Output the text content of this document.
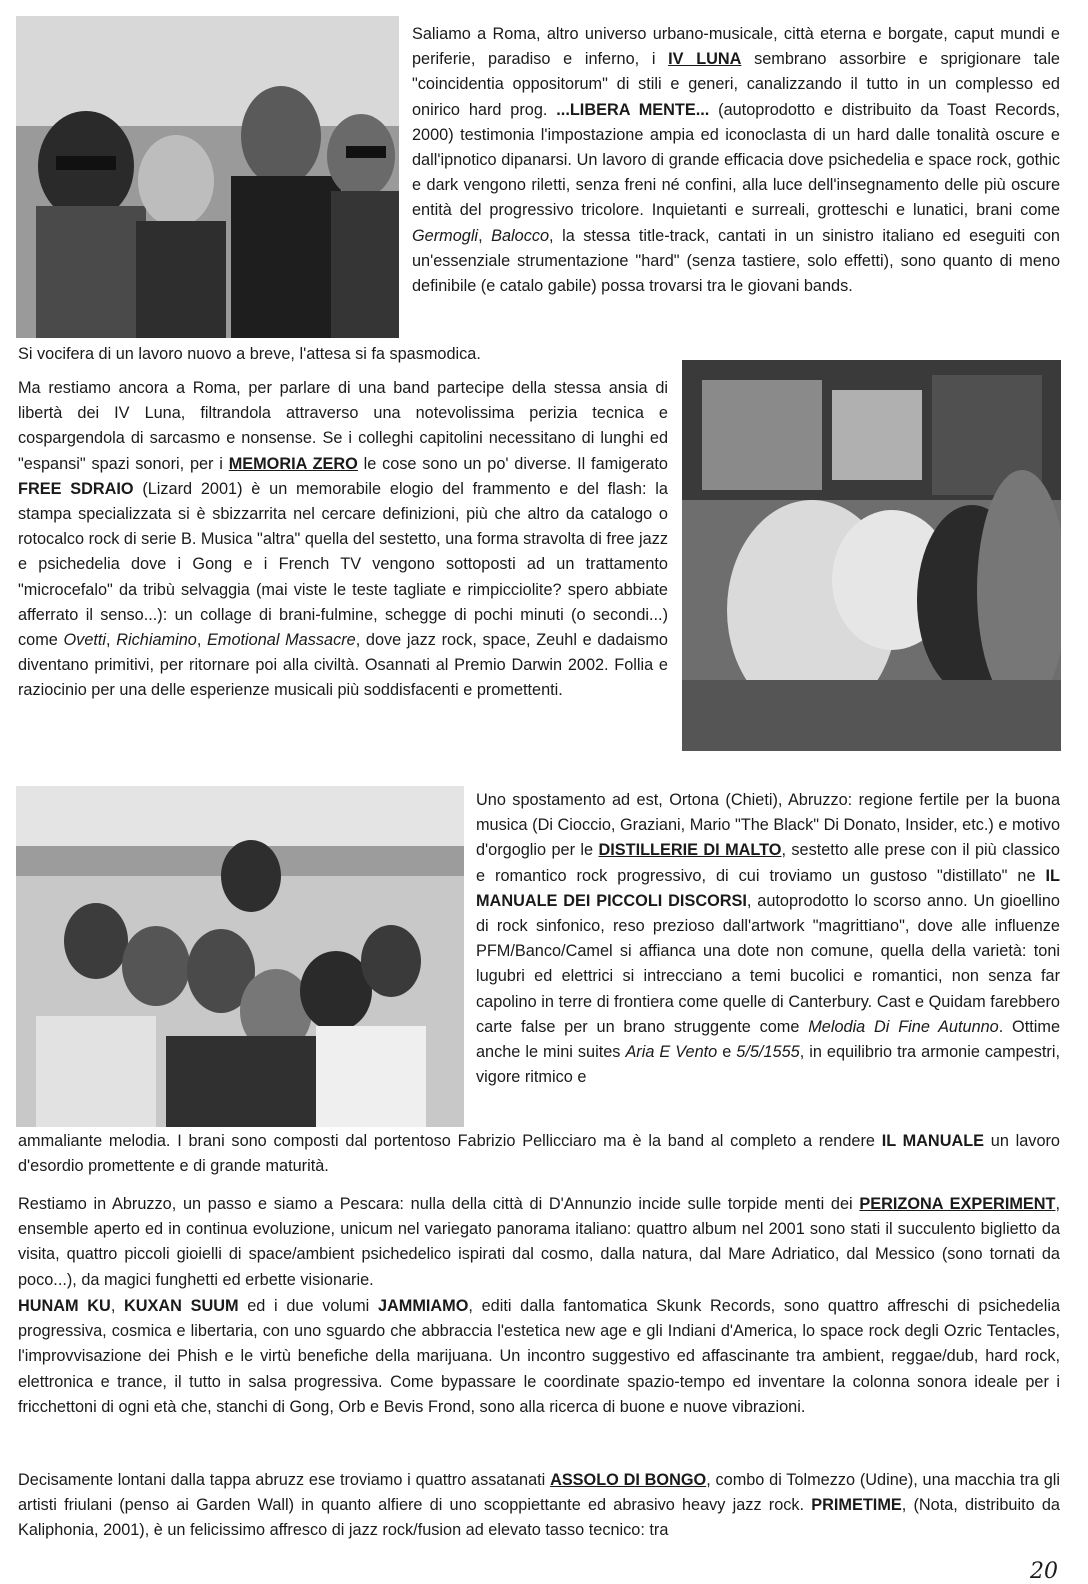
Saliamo a Roma, altro universo urbano-musicale, città eterna e borgate, caput mundi e periferie, paradiso e inferno, i IV LUNA sembrano assorbire e sprigionare tale "coincidentia oppositorum" di stili e generi, canalizzando il tutto in un complesso ed onirico hard prog. ...LIBERA MENTE... (autoprodotto e distribuito da Toast Records, 2000) testimonia l'impostazione ampia ed iconoclasta di un hard dalle tonalità oscure e dall'ipnotico dipanarsi. Un lavoro di grande efficacia dove psichedelia e space rock, gothic e dark vengono riletti, senza freni né confini, alla luce dell'insegnamento delle più oscure entità del progressivo tricolore. Inquietanti e surreali, grotteschi e lunatici, brani come Germogli, Balocco, la stessa title-track, cantati in un sinistro italiano ed eseguiti con un'essenziale strumentazione "hard" (senza tastiere, solo effetti), sono quanto di meno definibile (e catalo gabile) possa trovarsi tra le giovani bands.

Si vocifera di un lavoro nuovo a breve, l'attesa si fa spasmodica.

Ma restiamo ancora a Roma, per parlare di una band partecipe della stessa ansia di libertà dei IV Luna, filtrandola attraverso una notevolissima perizia tecnica e cospargendola di sarcasmo e nonsense. Se i colleghi capitolini necessitano di lunghi ed "espansi" spazi sonori, per i MEMORIA ZERO le cose sono un po' diverse. Il famigerato FREE SDRAIO (Lizard 2001) è un memorabile elogio del frammento e del flash: la stampa specializzata si è sbizzarrita nel cercare definizioni, più che altro da catalogo o rotocalco rock di serie B. Musica "altra" quella del sestetto, una forma stravolta di free jazz e psichedelia dove i Gong e i French TV vengono sottoposti ad un trattamento "microcefalo" da tribù selvaggia (mai viste le teste tagliate e rimpicciolite? spero abbiate afferrato il senso...): un collage di brani-fulmine, schegge di pochi minuti (o secondi...) come Ovetti, Richiamino, Emotional Massacre, dove jazz rock, space, Zeuhl e dadaismo diventano primitivi, per ritornare poi alla civiltà. Osannati al Premio Darwin 2002. Follia e raziocinio per una delle esperienze musicali più soddisfacenti e promettenti.

Uno spostamento ad est, Ortona (Chieti), Abruzzo: regione fertile per la buona musica (Di Cioccio, Graziani, Mario "The Black" Di Donato, Insider, etc.) e motivo d'orgoglio per le DISTILLERIE DI MALTO, sestetto alle prese con il più classico e romantico rock progressivo, di cui troviamo un gustoso "distillato" ne IL MANUALE DEI PICCOLI DISCORSI, autoprodotto lo scorso anno. Un gioellino di rock sinfonico, reso prezioso dall'artwork "magrittiano", dove alle influenze PFM/Banco/Camel si affianca una dote non comune, quella della varietà: toni lugubri ed elettrici si intrecciano a temi bucolici e romantici, non senza far capolino in terre di frontiera come quelle di Canterbury. Cast e Quidam farebbero carte false per un brano struggente come Melodia Di Fine Autunno. Ottime anche le mini suites Aria E Vento e 5/5/1555, in equilibrio tra armonie campestri, vigore ritmico e

ammaliante melodia. I brani sono composti dal portentoso Fabrizio Pellicciaro ma è la band al completo a rendere IL MANUALE un lavoro d'esordio promettente e di grande maturità.

Restiamo in Abruzzo, un passo e siamo a Pescara: nulla della città di D'Annunzio incide sulle torpide menti dei PERIZONA EXPERIMENT, ensemble aperto ed in continua evoluzione, unicum nel variegato panorama italiano: quattro album nel 2001 sono stati il succulento biglietto da visita, quattro piccoli gioielli di space/ambient psichedelico ispirati dal cosmo, dalla natura, dal Mare Adriatico, dal Messico (sono tornati da poco...), da magici funghetti ed erbette visionarie.

HUNAM KU, KUXAN SUUM ed i due volumi JAMMIAMO, editi dalla fantomatica Skunk Records, sono quattro affreschi di psichedelia progressiva, cosmica e libertaria, con uno sguardo che abbraccia l'estetica new age e gli Indiani d'America, lo space rock degli Ozric Tentacles, l'improvvisazione dei Phish e le virtù benefiche della marijuana. Un incontro suggestivo ed affascinante tra ambient, reggae/dub, hard rock, elettronica e trance, il tutto in salsa progressiva. Come bypassare le coordinate spazio-tempo ed inventare la colonna sonora ideale per i fricchettoni di ogni età che, stanchi di Gong, Orb e Bevis Frond, sono alla ricerca di buone e nuove vibrazioni.

Decisamente lontani dalla tappa abruzz ese troviamo i quattro assatanati ASSOLO DI BONGO, combo di Tolmezzo (Udine), una macchia tra gli artisti friulani (penso ai Garden Wall) in quanto alfiere di uno scoppiettante ed abrasivo heavy jazz rock. PRIMETIME, (Nota, distribuito da Kaliphonia, 2001), è un felicissimo affresco di jazz rock/fusion ad elevato tasso tecnico: tra

20
